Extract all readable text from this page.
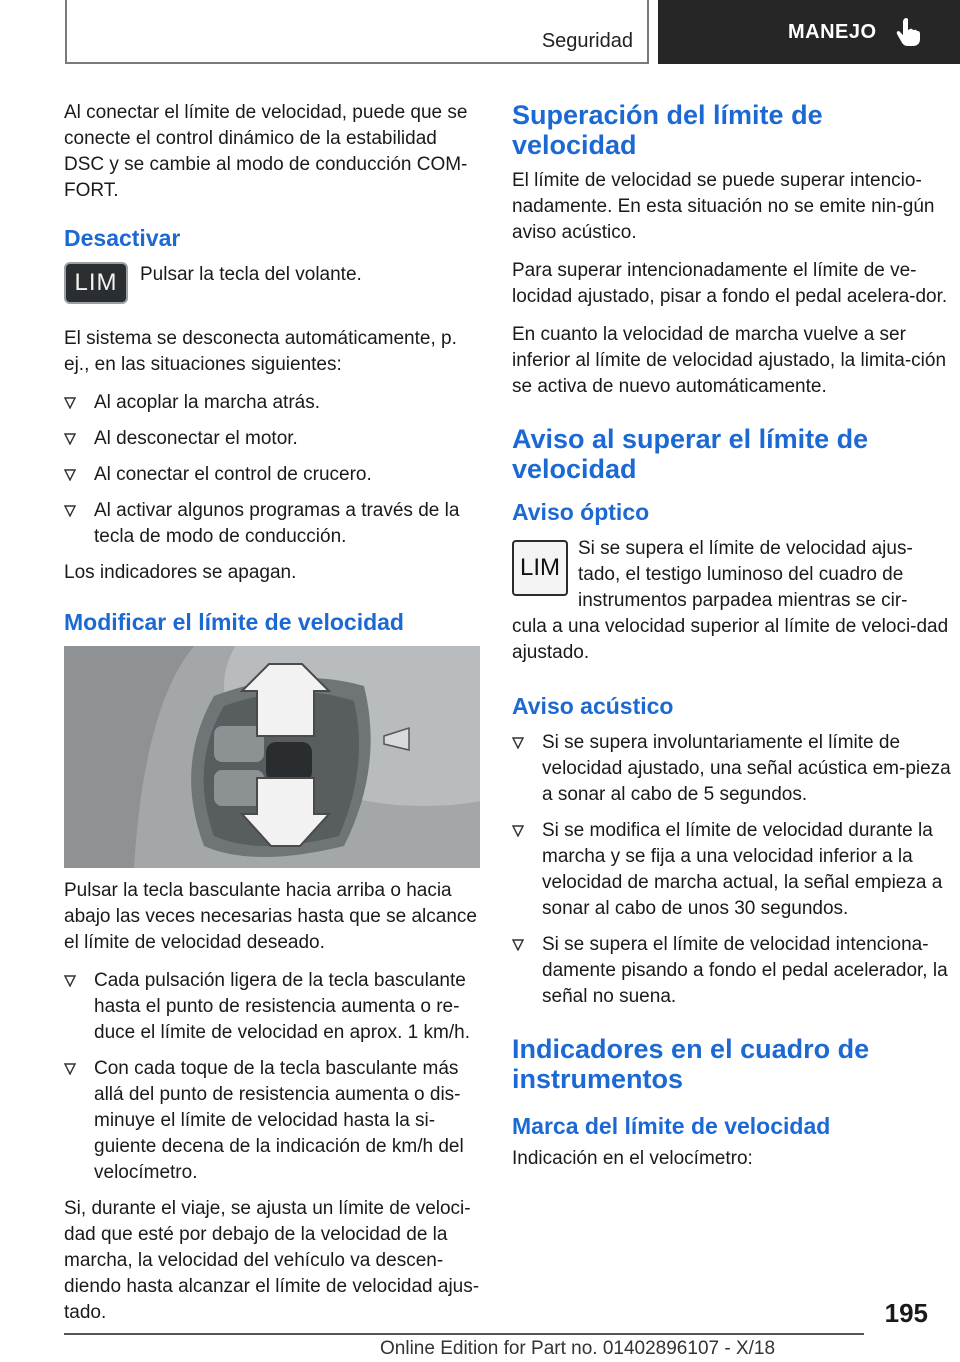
Seguridad	MANEJO

Al conectar el límite de velocidad, puede que se conecte el control dinámico de la estabilidad DSC y se cambie al modo de conducción COM-FORT.

Desactivar
LIM	Pulsar la tecla del volante.

El sistema se desconecta automáticamente, p. ej., en las situaciones siguientes:

Al acoplar la marcha atrás.
Al desconectar el motor.
Al conectar el control de crucero.
Al activar algunos programas a través de la tecla de modo de conducción.

Los indicadores se apagan.

Modificar el límite de velocidad

Pulsar la tecla basculante hacia arriba o hacia abajo las veces necesarias hasta que se alcance el límite de velocidad deseado.

Cada pulsación ligera de la tecla basculante hasta el punto de resistencia aumenta o re-duce el límite de velocidad en aprox. 1 km/h.
Con cada toque de la tecla basculante más allá del punto de resistencia aumenta o dis-minuye el límite de velocidad hasta la si-guiente decena de la indicación de km/h del velocímetro.

Si, durante el viaje, se ajusta un límite de veloci-dad que esté por debajo de la velocidad de la marcha, la velocidad del vehículo va descen-diendo hasta alcanzar el límite de velocidad ajus-tado.

Superación del límite de velocidad

El límite de velocidad se puede superar intencio-nadamente. En esta situación no se emite nin-gún aviso acústico.

Para superar intencionadamente el límite de ve-locidad ajustado, pisar a fondo el pedal acelera-dor.

En cuanto la velocidad de marcha vuelve a ser inferior al límite de velocidad ajustado, la limita-ción se activa de nuevo automáticamente.

Aviso al superar el límite de velocidad
Aviso óptico
LIM

Si se supera el límite de velocidad ajus-tado, el testigo luminoso del cuadro de instrumentos parpadea mientras se cir-
cula a una velocidad superior al límite de veloci-dad ajustado.

Aviso acústico
Si se supera involuntariamente el límite de velocidad ajustado, una señal acústica em-pieza a sonar al cabo de 5 segundos.
Si se modifica el límite de velocidad durante la marcha y se fija a una velocidad inferior a la velocidad de marcha actual, la señal empieza a sonar al cabo de unos 30 segundos.
Si se supera el límite de velocidad intenciona-damente pisando a fondo el pedal acelerador, la señal no suena.
Indicadores en el cuadro de instrumentos
Marca del límite de velocidad

Indicación en el velocímetro:

195
Online Edition for Part no. 01402896107 - X/18
